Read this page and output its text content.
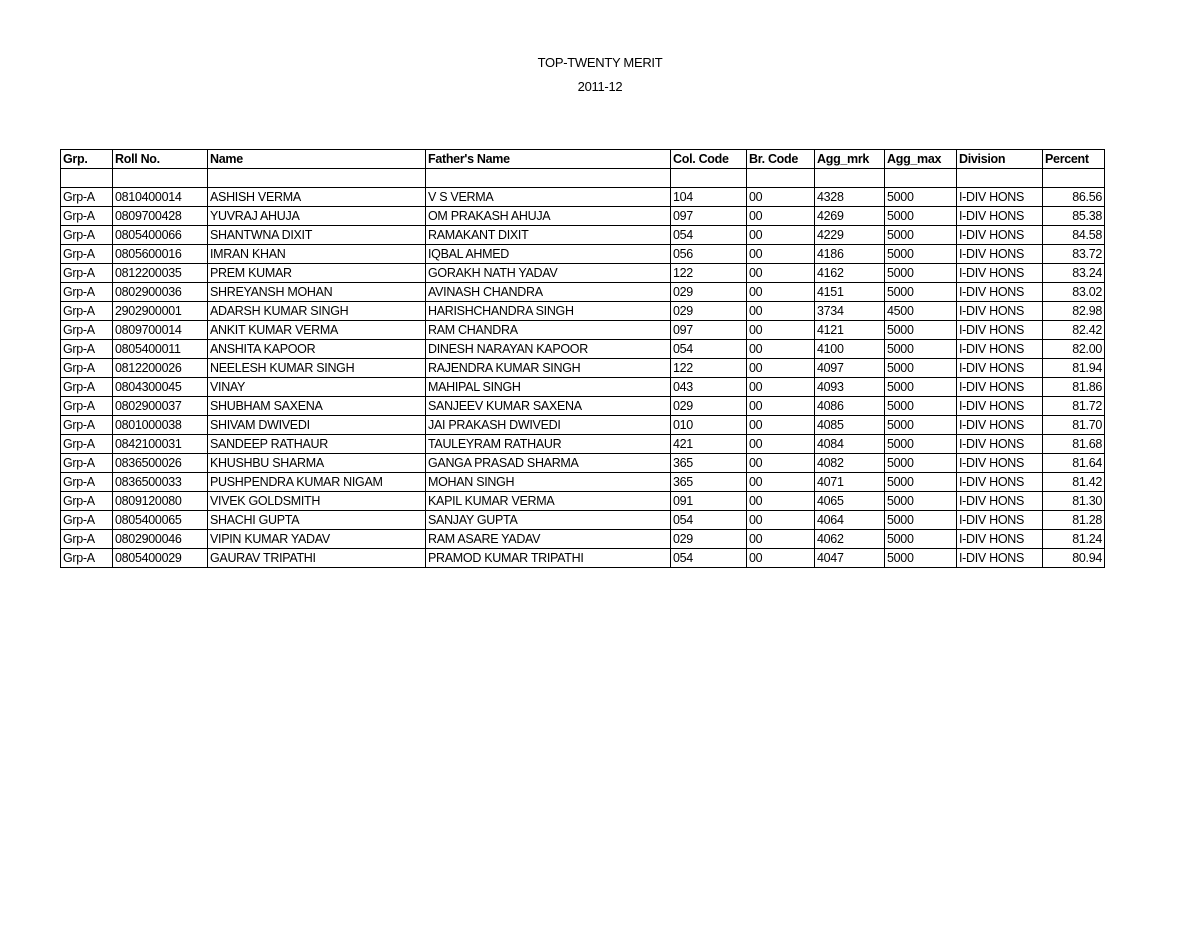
TOP-TWENTY MERIT
2011-12
Grp.	Roll No.	Name	Father's Name	Col. Code	Br. Code	Agg_mrk	Agg_max	Division	Percent

Grp-A	0810400014	ASHISH VERMA	V S VERMA	104	00	4328	5000	I-DIV HONS	86.56
Grp-A	0809700428	YUVRAJ AHUJA	OM PRAKASH AHUJA	097	00	4269	5000	I-DIV HONS	85.38
Grp-A	0805400066	SHANTWNA DIXIT	RAMAKANT DIXIT	054	00	4229	5000	I-DIV HONS	84.58
Grp-A	0805600016	IMRAN KHAN	IQBAL AHMED	056	00	4186	5000	I-DIV HONS	83.72
Grp-A	0812200035	PREM KUMAR	GORAKH NATH YADAV	122	00	4162	5000	I-DIV HONS	83.24
Grp-A	0802900036	SHREYANSH MOHAN	AVINASH CHANDRA	029	00	4151	5000	I-DIV HONS	83.02
Grp-A	2902900001	ADARSH KUMAR SINGH	HARISHCHANDRA SINGH	029	00	3734	4500	I-DIV HONS	82.98
Grp-A	0809700014	ANKIT KUMAR VERMA	RAM CHANDRA	097	00	4121	5000	I-DIV HONS	82.42
Grp-A	0805400011	ANSHITA KAPOOR	DINESH NARAYAN KAPOOR	054	00	4100	5000	I-DIV HONS	82.00
Grp-A	0812200026	NEELESH KUMAR SINGH	RAJENDRA KUMAR SINGH	122	00	4097	5000	I-DIV HONS	81.94
Grp-A	0804300045	VINAY	MAHIPAL SINGH	043	00	4093	5000	I-DIV HONS	81.86
Grp-A	0802900037	SHUBHAM SAXENA	SANJEEV KUMAR SAXENA	029	00	4086	5000	I-DIV HONS	81.72
Grp-A	0801000038	SHIVAM DWIVEDI	JAI PRAKASH DWIVEDI	010	00	4085	5000	I-DIV HONS	81.70
Grp-A	0842100031	SANDEEP RATHAUR	TAULEYRAM RATHAUR	421	00	4084	5000	I-DIV HONS	81.68
Grp-A	0836500026	KHUSHBU SHARMA	GANGA PRASAD SHARMA	365	00	4082	5000	I-DIV HONS	81.64
Grp-A	0836500033	PUSHPENDRA KUMAR NIGAM	MOHAN SINGH	365	00	4071	5000	I-DIV HONS	81.42
Grp-A	0809120080	VIVEK GOLDSMITH	KAPIL KUMAR VERMA	091	00	4065	5000	I-DIV HONS	81.30
Grp-A	0805400065	SHACHI GUPTA	SANJAY GUPTA	054	00	4064	5000	I-DIV HONS	81.28
Grp-A	0802900046	VIPIN KUMAR YADAV	RAM ASARE YADAV	029	00	4062	5000	I-DIV HONS	81.24
Grp-A	0805400029	GAURAV TRIPATHI	PRAMOD KUMAR TRIPATHI	054	00	4047	5000	I-DIV HONS	80.94
